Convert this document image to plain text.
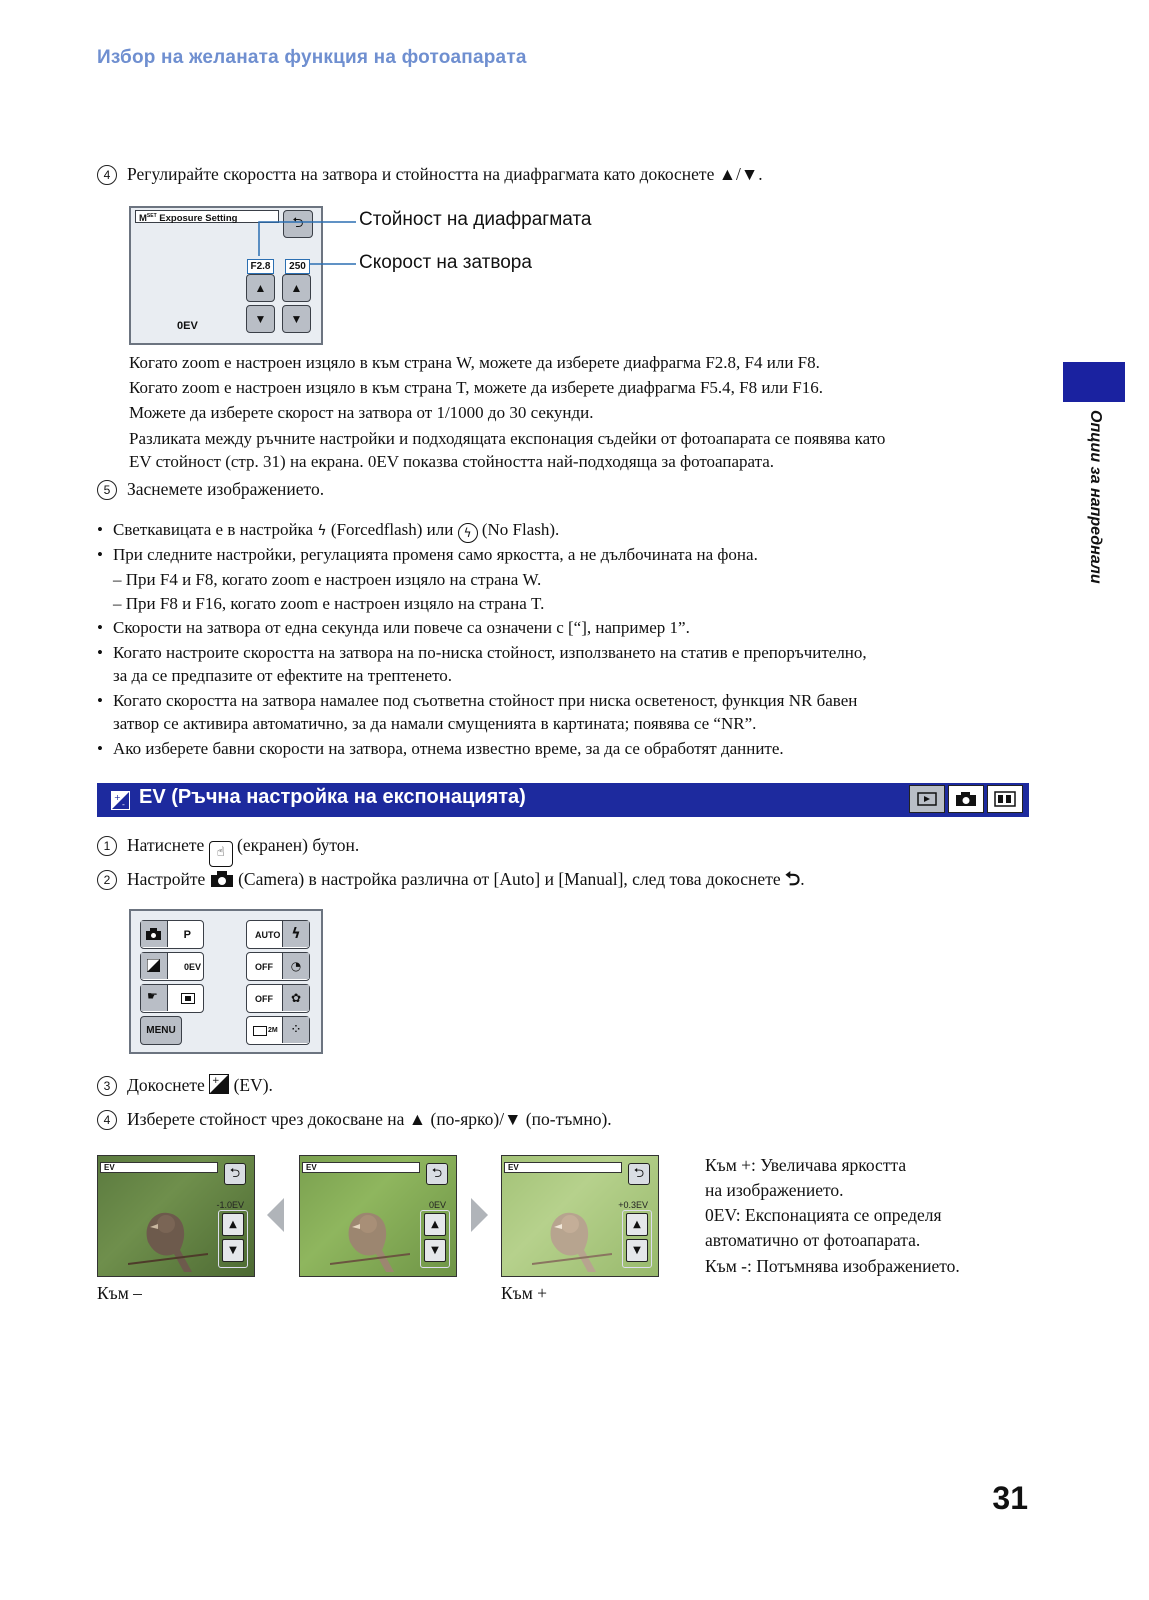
Избор на желаната функция на фотоапарата
Опции за напреднали
4 Регулирайте скоростта на затвора и стойността на диафрагмата като докоснете ▲/▼.
$M^{SET}$ Exposure Setting	⮌
F2.8	250
▲ ▲
▼ ▼
0EV
Стойност на диафрагмата
Скорост на затвора
Когато zoom е настроен изцяло в към страна W, можете да изберете диафрагма F2.8, F4 или F8.
Когато zoom е настроен изцяло в към страна T, можете да изберете диафрагма F5.4, F8 или F16.
Можете да изберете скорост на затвора от 1/1000 до 30 секунди.
Разликата между ръчните настройки и подходящата експонация съдейки от фотоапарата се появява като
EV стойност (стр. 31) на екрана. 0EV показва стойността най-подходяща за фотоапарата.
5 Заснемете изображението.
• Светкавицата е в настройка ϟ (Forcedflash) или ϟ (No Flash).
• При следните настройки, регулацията променя само яркостта, а не дълбочината на фона.
– При F4 и F8, когато zoom е настроен изцяло на страна W.
– При F8 и F16, когато zoom е настроен изцяло на страна T.
• Скорости на затвора от една секунда или повече са означени с [“], например 1”.
• Когато настроите скоростта на затвора на по-ниска стойност, използването на статив е препоръчително,
за да се предпазите от ефектите на трептенето.
• Когато скоростта на затвора намалее под съответна стойност при ниска осветеност, функция NR бавен
затвор се активира автоматично, за да намали смущенията в картината; появява се “NR”.
• Ако изберете бавни скорости на затвора, отнема известно време, за да се обработят данните.
+
- EV (Ръчна настройка на експонацията)
1 Натиснете ☝ (екранен) бутон.
2 Настройте (Camera) в настройка различна от [Auto] и [Manual], след това докоснете ⮌.
P
0EV
☛
MENU
AUTO ϟ
OFF	◔
OFF	✿
2M	⁘
3 Докоснете + (EV).
4 Изберете стойност чрез докосване на ▲ (по-ярко)/▼ (по-тъмно).
EV	⮌
-1.0EV
▲
▼
EV	⮌
0EV
▲
▼
EV	⮌
+0.3EV
▲
▼
Към –	Към +
Към +: Увеличава яркостта
на изображението.
0EV: Експонацията се определя
автоматично от фотоапарата.
Към -: Потъмнява изображението.
31
